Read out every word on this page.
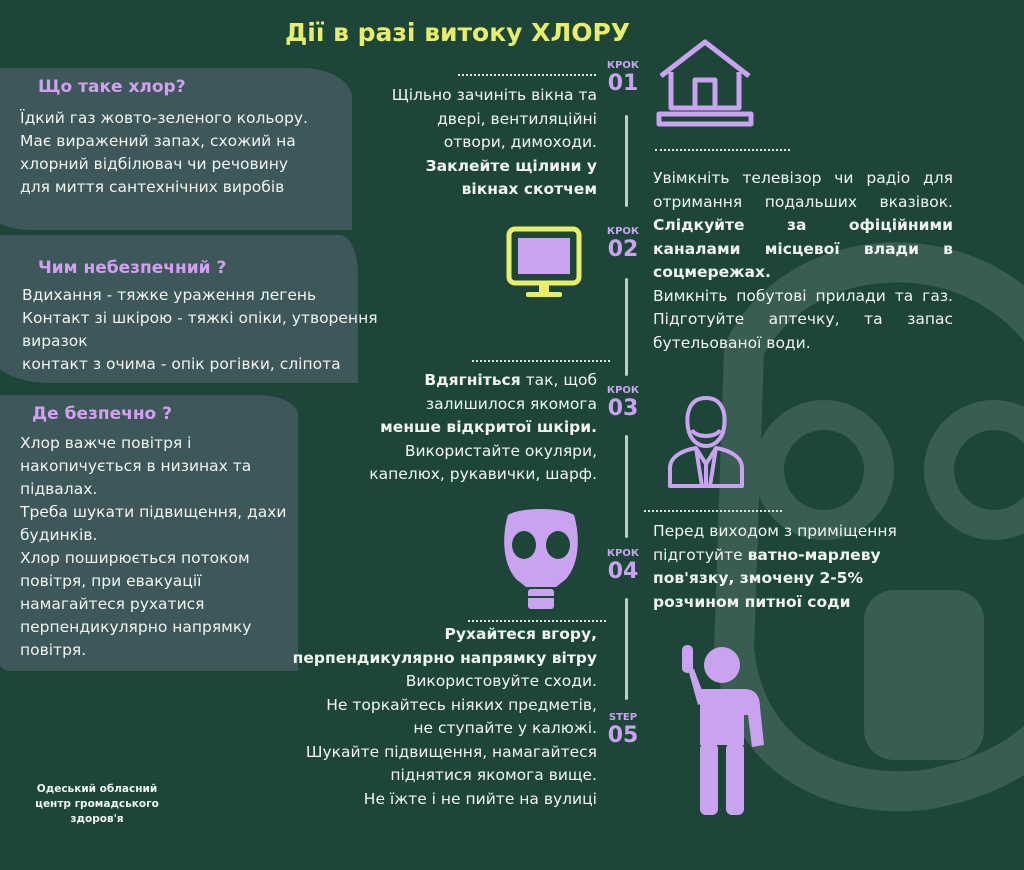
Дії в разі витоку ХЛОРУ
Що таке хлор?
Їдкий газ жовто-зеленого кольору.
Має виражений запах, схожий на
хлорний відбілювач чи речовину
для миття сантехнічних виробів
Чим небезпечний ?
Вдихання - тяжке ураження легень
Контакт зі шкірою - тяжкі опіки, утворення
виразок
контакт з очима - опік рогівки, сліпота
Де безпечно ?
Хлор важче повітря і
накопичується в низинах та
підвалах.
Треба шукати підвищення, дахи
будинків.
Хлор поширюється потоком
повітря, при евакуації
намагайтеся рухатися
перпендикулярно напрямку
повітря.
КРОК
01
КРОК
02
КРОК
03
КРОК
04
STEP
05
Щільно зачиніть вікна та
двері, вентиляційні
отвори, димоходи.
Заклейте щілини у
вікнах скотчем
Увімкніть телевізор чи радіо для отримання подальших вказівок. Слідкуйте за офіційними каналами місцевої влади в соцмережах.
Вимкніть побутові прилади та газ. Підготуйте аптечку, та запас бутельованої води.
Вдягніться так, щоб
залишилося якомога
менше відкритої шкіри.
Використайте окуляри,
капелюх, рукавички, шарф.
Перед виходом з приміщення
підготуйте ватно-марлеву
пов'язку, змочену 2-5%
розчином питної соди
Рухайтеся вгору,
перпендикулярно напрямку вітру
Використовуйте сходи.
Не торкайтесь ніяких предметів,
не ступайте у калюжі.
Шукайте підвищення, намагайтеся
піднятися якомога вище.
Не їжте і не пийте на вулиці
Одеський обласний
центр громадського
здоров'я
